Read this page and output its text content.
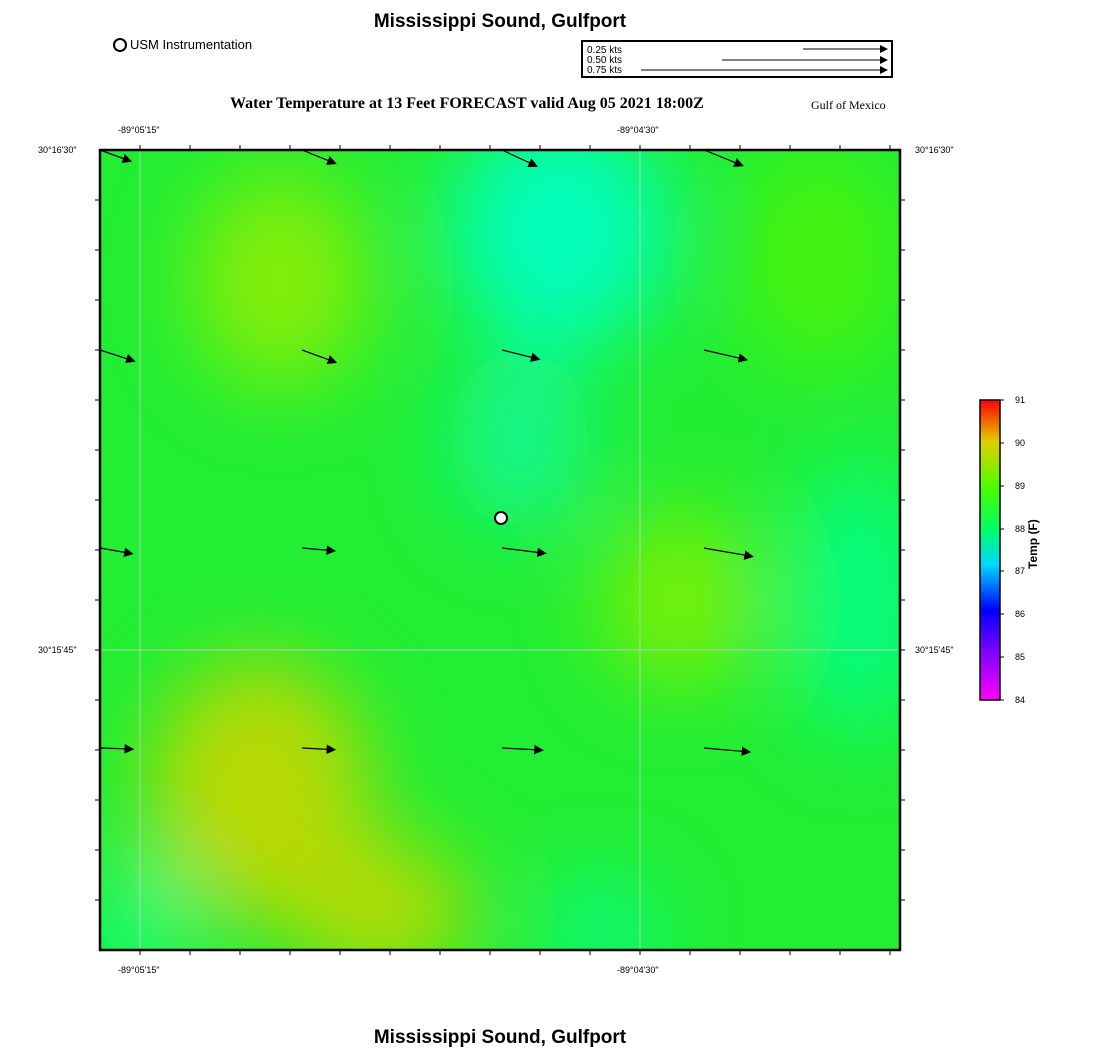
Mississippi Sound, Gulfport
USM Instrumentation	0.25 kts
0.50 kts
0.75 kts
Water Temperature at 13 Feet FORECAST valid Aug 05 2021 18:00Z	Gulf of Mexico
-89°05'15"	-89°04'30"
-89°05'15"	-89°04'30"
30°16'30"
30°15'45"
30°16'30"
30°15'45"
91
90
89
88
87
86
85
84
Temp (F)
Mississippi Sound, Gulfport
